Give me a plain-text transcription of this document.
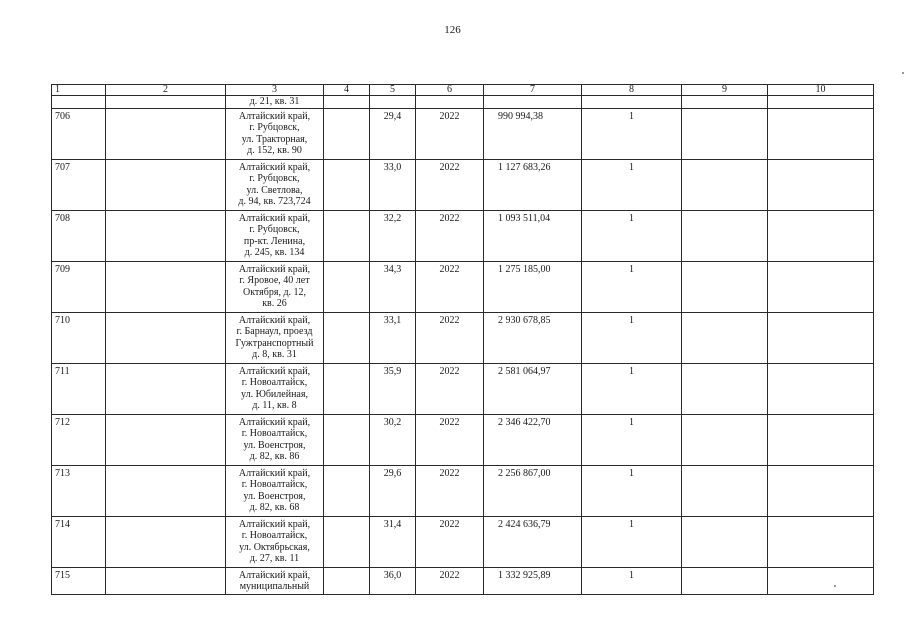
126
1	2	3	4	5	6	7	8	9	10
		д. 21, кв. 31							
706		Алтайский край,
г. Рубцовск,
ул. Тракторная,
д. 152, кв. 90		29,4	2022	990 994,38	1		
707		Алтайский край,
г. Рубцовск,
ул. Светлова,
д. 94, кв. 723,724		33,0	2022	1 127 683,26	1		
708		Алтайский край,
г. Рубцовск,
пр-кт. Ленина,
д. 245, кв. 134		32,2	2022	1 093 511,04	1		
709		Алтайский край,
г. Яровое, 40 лет
Октября, д. 12,
кв. 26		34,3	2022	1 275 185,00	1		
710		Алтайский край,
г. Барнаул, проезд
Гужтранспортный
д. 8, кв. 31		33,1	2022	2 930 678,85	1		
711		Алтайский край,
г. Новоалтайск,
ул. Юбилейная,
д. 11, кв. 8		35,9	2022	2 581 064,97	1		
712		Алтайский край,
г. Новоалтайск,
ул. Военстроя,
д. 82, кв. 86		30,2	2022	2 346 422,70	1		
713		Алтайский край,
г. Новоалтайск,
ул. Военстроя,
д. 82, кв. 68		29,6	2022	2 256 867,00	1		
714		Алтайский край,
г. Новоалтайск,
ул. Октябрьская,
д. 27, кв. 11		31,4	2022	2 424 636,79	1		
715		Алтайский край,
муниципальный		36,0	2022	1 332 925,89	1		
